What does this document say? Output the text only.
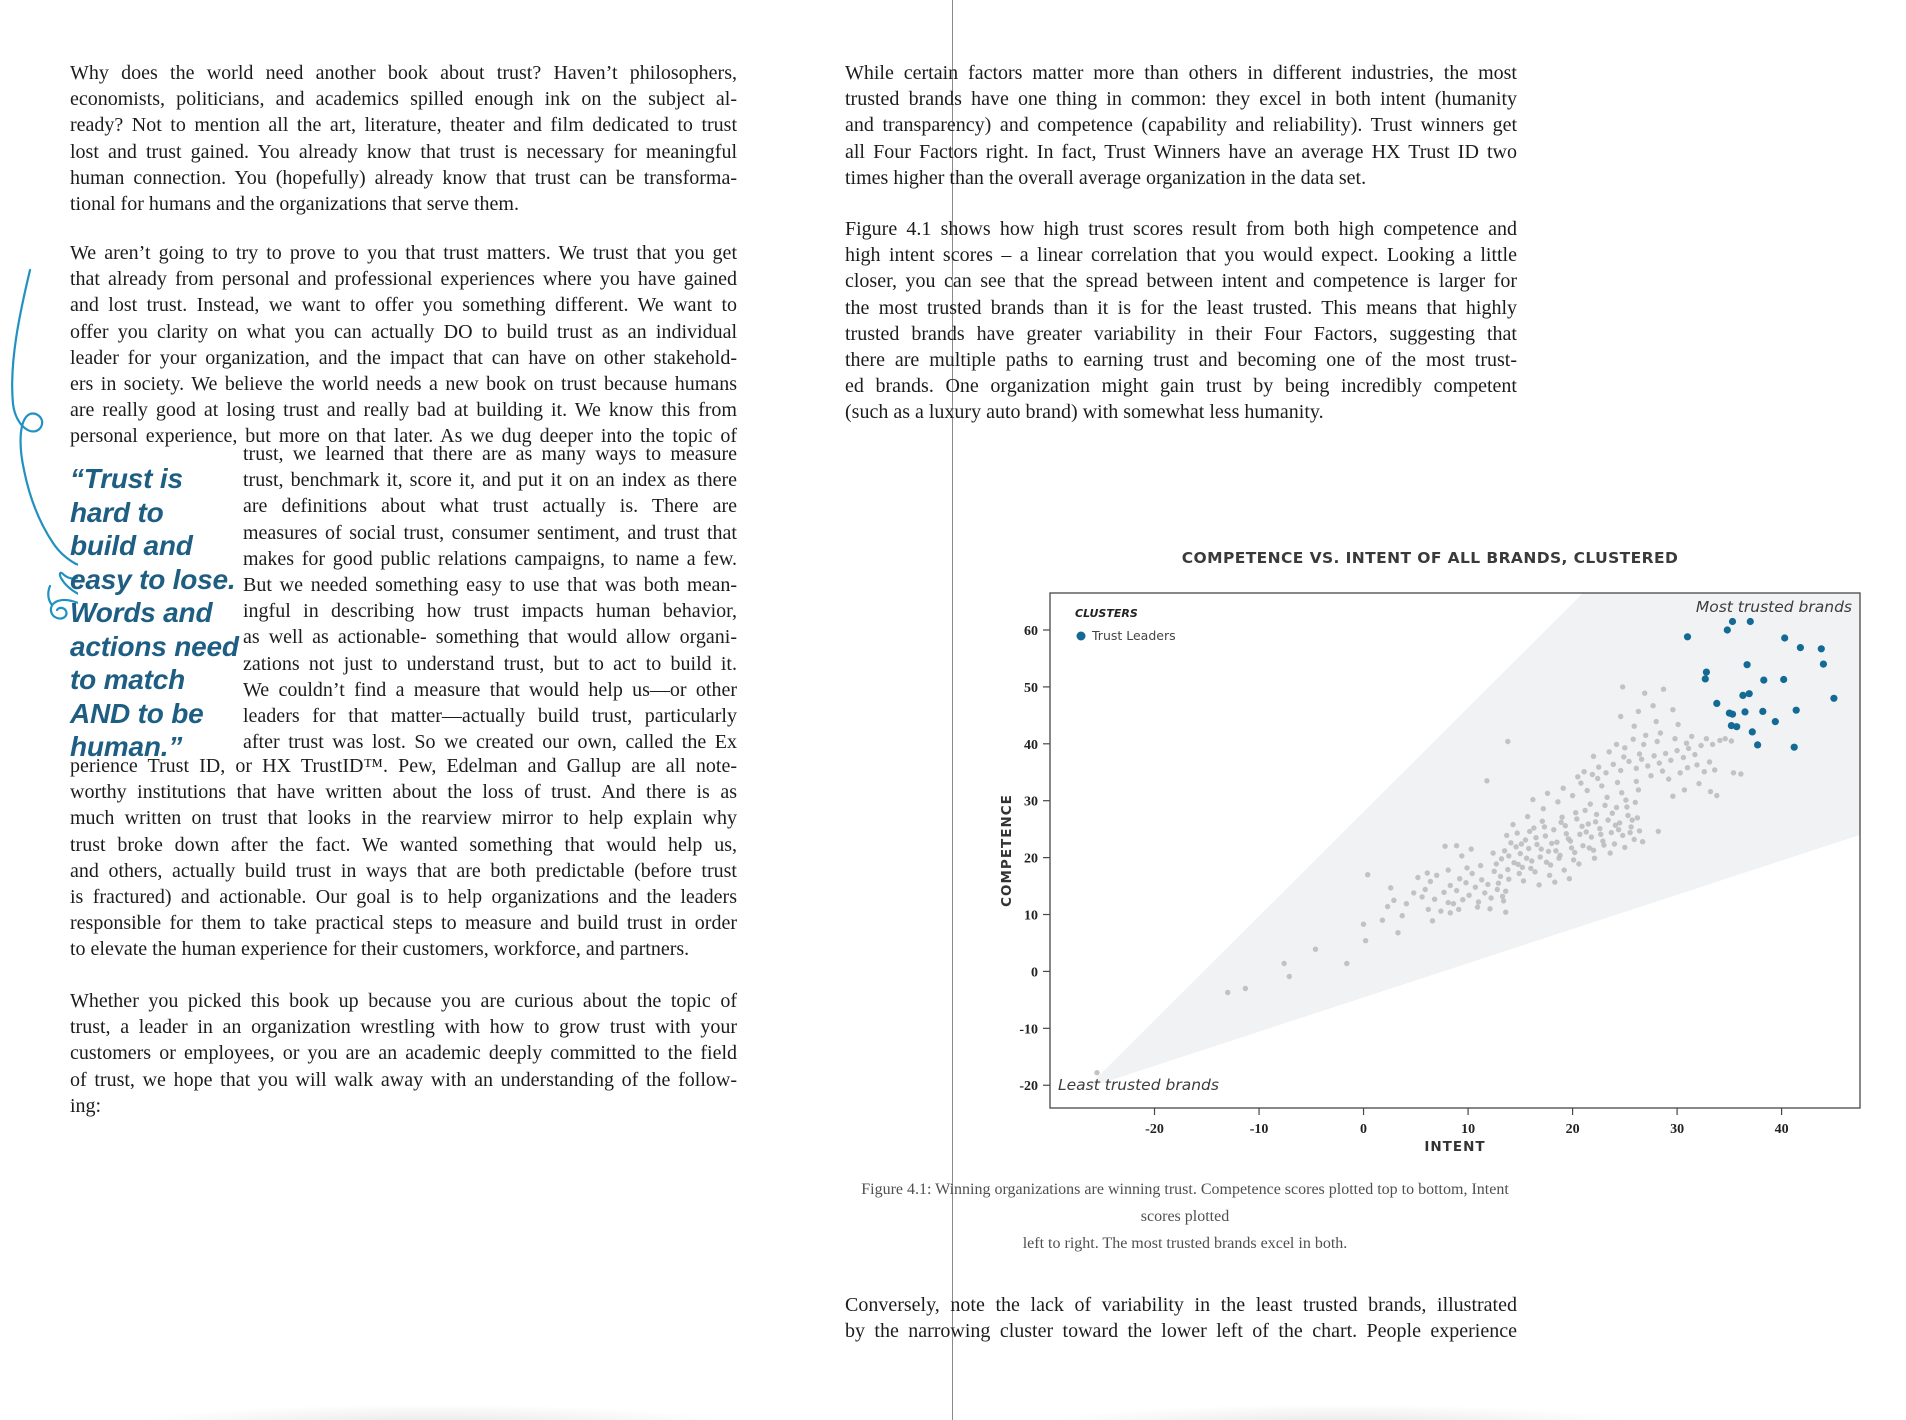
Why does the world need another book about trust? Haven’t philosophers,
economists, politicians, and academics spilled enough ink on the subject al-
ready? Not to mention all the art, literature, theater and film dedicated to trust
lost and trust gained. You already know that trust is necessary for meaningful
human connection. You (hopefully) already know that trust can be transforma-
tional for humans and the organizations that serve them.
We aren’t going to try to prove to you that trust matters. We trust that you get
that already from personal and professional experiences where you have gained
and lost trust. Instead, we want to offer you something different. We want to
offer you clarity on what you can actually DO to build trust as an individual
leader for your organization, and the impact that can have on other stakehold-
ers in society. We believe the world needs a new book on trust because humans
are really good at losing trust and really bad at building it. We know this from
personal experience, but more on that later. As we dug deeper into the topic of
“Trust is
hard to
build and
easy to lose.
Words and
actions need
to match
AND to be
human.”
trust, we learned that there are as many ways to measure
trust, benchmark it, score it, and put it on an index as there
are definitions about what trust actually is. There are
measures of social trust, consumer sentiment, and trust that
makes for good public relations campaigns, to name a few.
But we needed something easy to use that was both mean-
ingful in describing how trust impacts human behavior,
as well as actionable- something that would allow organi-
zations not just to understand trust, but to act to build it.
We couldn’t find a measure that would help us—or other
leaders for that matter—actually build trust, particularly
after trust was lost. So we created our own, called the Ex
perience Trust ID, or HX TrustID™. Pew, Edelman and Gallup are all note-
worthy institutions that have written about the loss of trust. And there is as
much written on trust that looks in the rearview mirror to help explain why
trust broke down after the fact. We wanted something that would help us,
and others, actually build trust in ways that are both predictable (before trust
is fractured) and actionable. Our goal is to help organizations and the leaders
responsible for them to take practical steps to measure and build trust in order
to elevate the human experience for their customers, workforce, and partners.
Whether you picked this book up because you are curious about the topic of
trust, a leader in an organization wrestling with how to grow trust with your
customers or employees, or you are an academic deeply committed to the field
of trust, we hope that you will walk away with an understanding of the follow-
ing:
While certain factors matter more than others in different industries, the most
trusted brands have one thing in common: they excel in both intent (humanity
and transparency) and competence (capability and reliability). Trust winners get
all Four Factors right. In fact, Trust Winners have an average HX Trust ID two
times higher than the overall average organization in the data set.
Figure 4.1 shows how high trust scores result from both high competence and
high intent scores – a linear correlation that you would expect. Looking a little
closer, you can see that the spread between intent and competence is larger for
the most trusted brands than it is for the least trusted. This means that highly
trusted brands have greater variability in their Four Factors, suggesting that
there are multiple paths to earning trust and becoming one of the most trust-
ed brands. One organization might gain trust by being incredibly competent
(such as a luxury auto brand) with somewhat less humanity.
COMPETENCE VS. INTENT OF ALL BRANDS, CLUSTERED
-20	-10	0	10	20	30	40
60
50
40
30
20
10
0
-10
-20
COMPETENCE
INTENT
Most trusted brands
Least trusted brands
CLUSTERS
Trust Leaders
Figure 4.1: Winning organizations are winning trust. Competence scores plotted top to bottom, Intent scores plotted
left to right. The most trusted brands excel in both.
Conversely, note the lack of variability in the least trusted brands, illustrated
by the narrowing cluster toward the lower left of the chart. People experience
